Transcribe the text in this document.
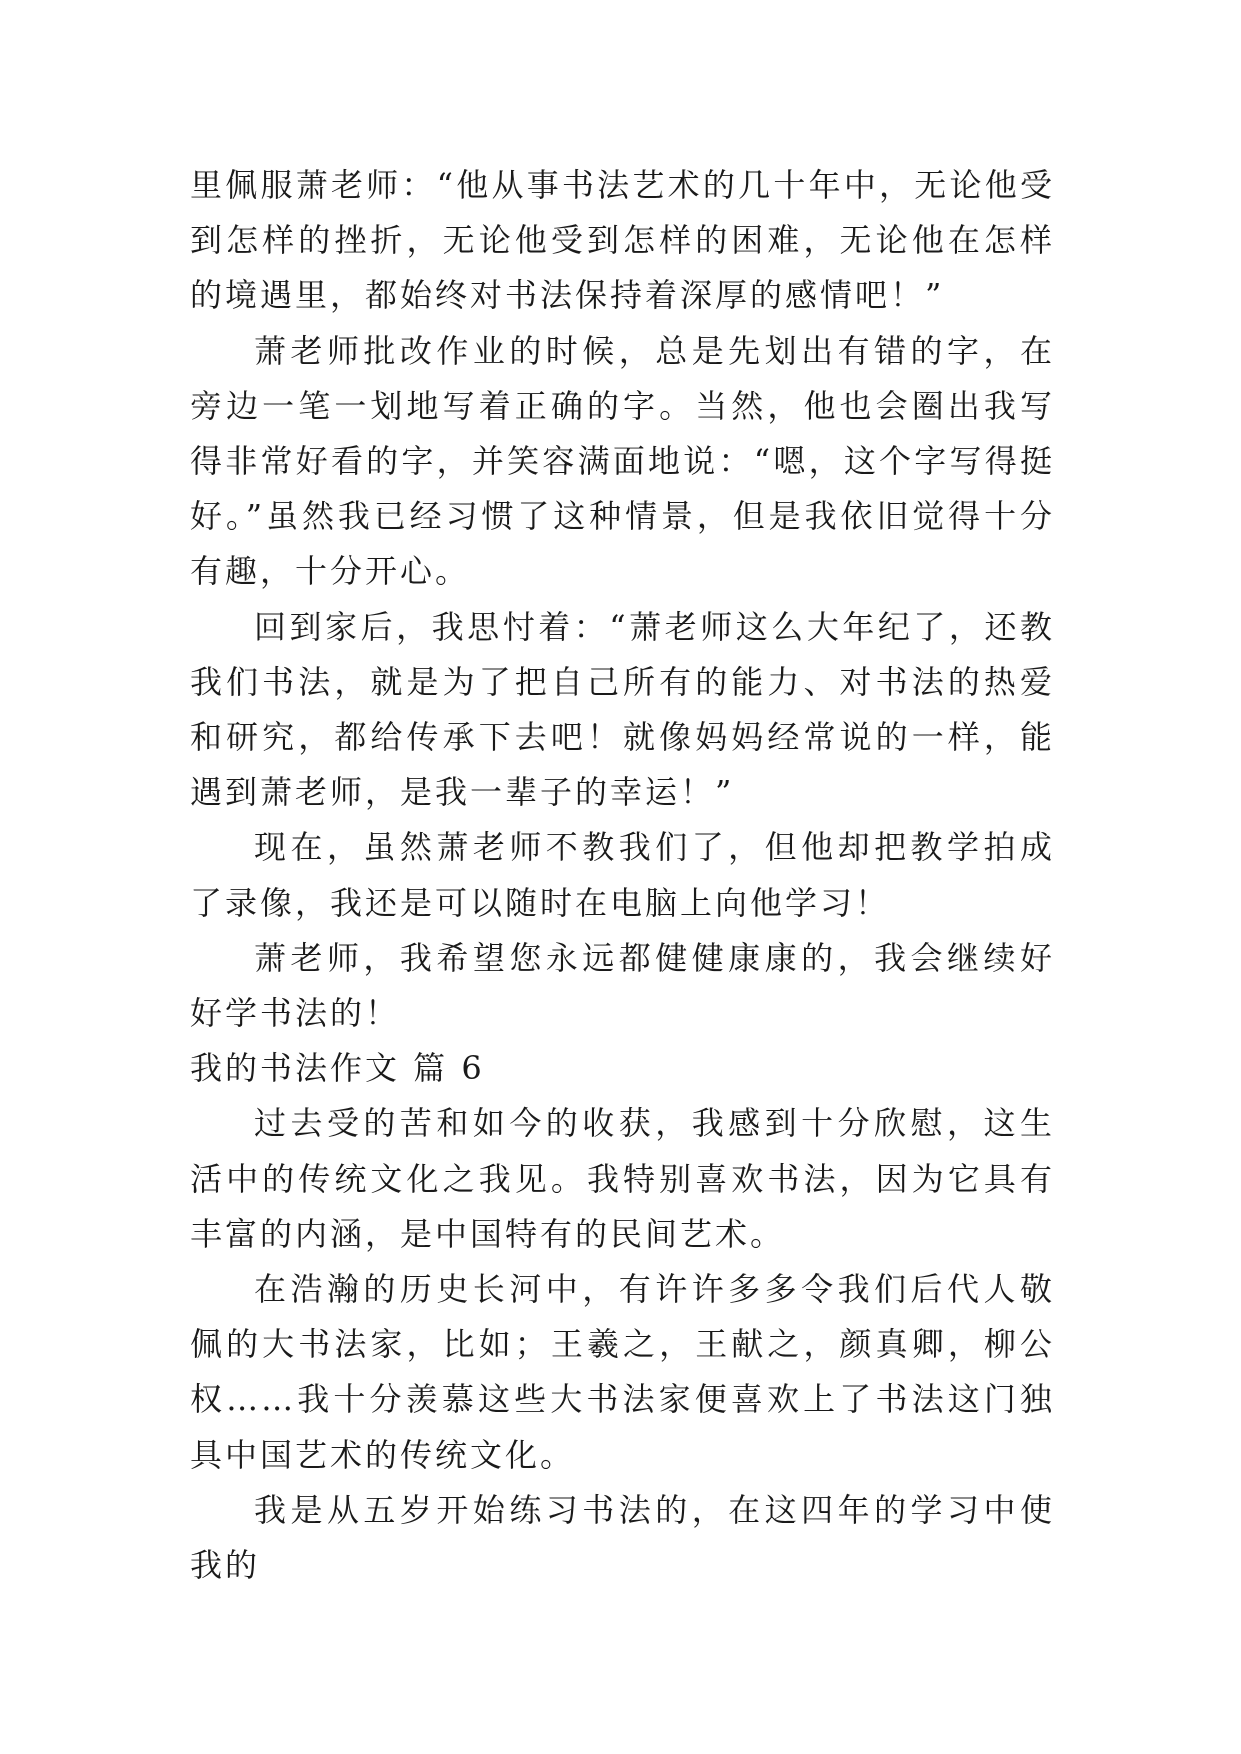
里佩服萧老师：“他从事书法艺术的几十年中，无论他受到怎样的挫折，无论他受到怎样的困难，无论他在怎样的境遇里，都始终对书法保持着深厚的感情吧！”

萧老师批改作业的时候，总是先划出有错的字，在旁边一笔一划地写着正确的字。当然，他也会圈出我写得非常好看的字，并笑容满面地说：“嗯，这个字写得挺好。”虽然我已经习惯了这种情景，但是我依旧觉得十分有趣，十分开心。

回到家后，我思忖着：“萧老师这么大年纪了，还教我们书法，就是为了把自己所有的能力、对书法的热爱和研究，都给传承下去吧！就像妈妈经常说的一样，能遇到萧老师，是我一辈子的幸运！”

现在，虽然萧老师不教我们了，但他却把教学拍成了录像，我还是可以随时在电脑上向他学习！

萧老师，我希望您永远都健健康康的，我会继续好好学书法的！

我的书法作文 篇 6

过去受的苦和如今的收获，我感到十分欣慰，这生活中的传统文化之我见。我特别喜欢书法，因为它具有丰富的内涵，是中国特有的民间艺术。

在浩瀚的历史长河中，有许许多多令我们后代人敬佩的大书法家，比如；王羲之，王献之，颜真卿，柳公权……我十分羡慕这些大书法家便喜欢上了书法这门独具中国艺术的传统文化。

我是从五岁开始练习书法的，在这四年的学习中使我的
